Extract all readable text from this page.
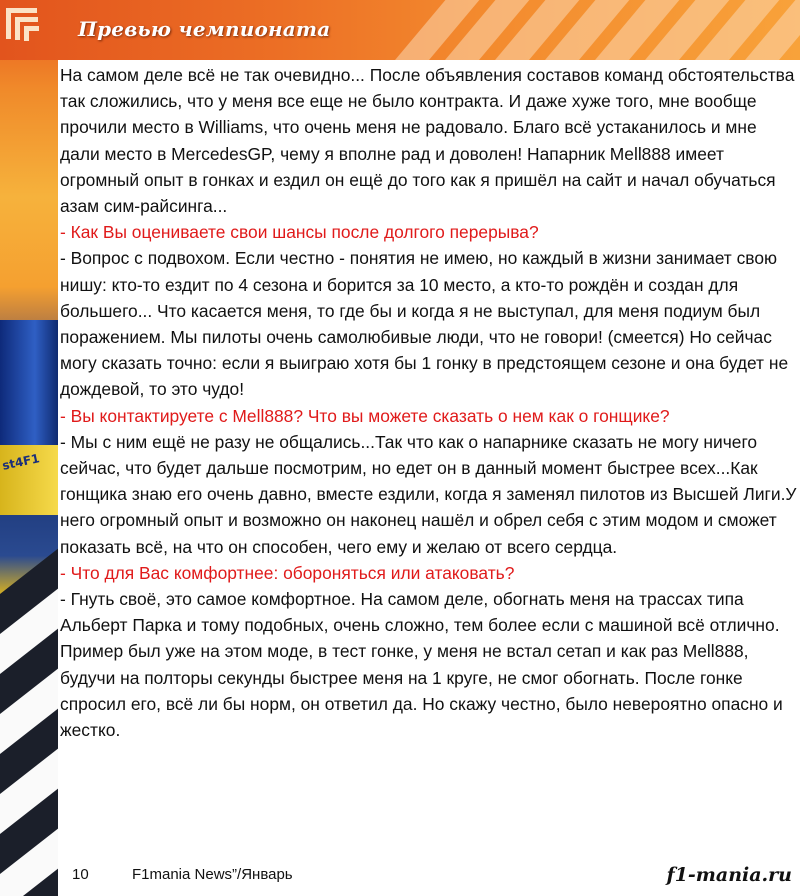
st4F1
Превью чемпионата

На самом деле всё не так очевидно... После объявления составов команд обстоятельства так сложились, что у меня все еще не было контракта. И даже хуже того, мне вообще прочили место в Williams, что очень меня не радовало. Благо всё устаканилось и мне дали место в MercedesGP, чему я вполне рад и доволен! Напарник Mell888 имеет огромный опыт в гонках и ездил он ещё до того как я пришёл на сайт и начал обучаться азам сим-райсинга...

- Как Вы оцениваете свои шансы после долгого перерыва?

- Вопрос с подвохом. Если честно - понятия не имею, но каждый в жизни занимает свою нишу: кто-то ездит по 4 сезона и борится за 10 место, а кто-то рождён и создан для большего... Что касается меня, то где бы и когда я не выступал, для меня подиум был поражением. Мы пилоты очень самолюбивые люди, что не говори! (смеется) Но сейчас могу сказать точно: если я выиграю хотя бы 1 гонку в предстоящем сезоне и она будет не дождевой, то это чудо!

- Вы контактируете с Mell888? Что вы можете сказать о нем как о гонщике?

- Мы с ним ещё не разу не общались...Так что как о напарнике сказать не могу ничего сейчас, что будет дальше посмотрим, но едет он в данный момент быстрее всех...Как гонщика знаю его очень давно, вместе ездили, когда я заменял пилотов из Высшей Лиги.У него огромный опыт и возможно он наконец нашёл и обрел себя с этим модом и сможет показать всё, на что он способен, чего ему и желаю от всего сердца.

- Что для Вас комфортнее: обороняться или атаковать?

- Гнуть своё, это самое комфортное. На самом деле, обогнать меня на трассах типа Альберт Парка и тому подобных, очень сложно, тем более если с машиной всё отлично. Пример был уже на этом моде, в тест гонке, у меня не встал сетап и как раз Mell888, будучи на полторы секунды быстрее меня на 1 круге, не смог обогнать. После гонке спросил его, всё ли бы норм, он ответил да. Но скажу честно, было невероятно опасно и жестко.

10	F1mania News”/Январь	f1-mania.ru
